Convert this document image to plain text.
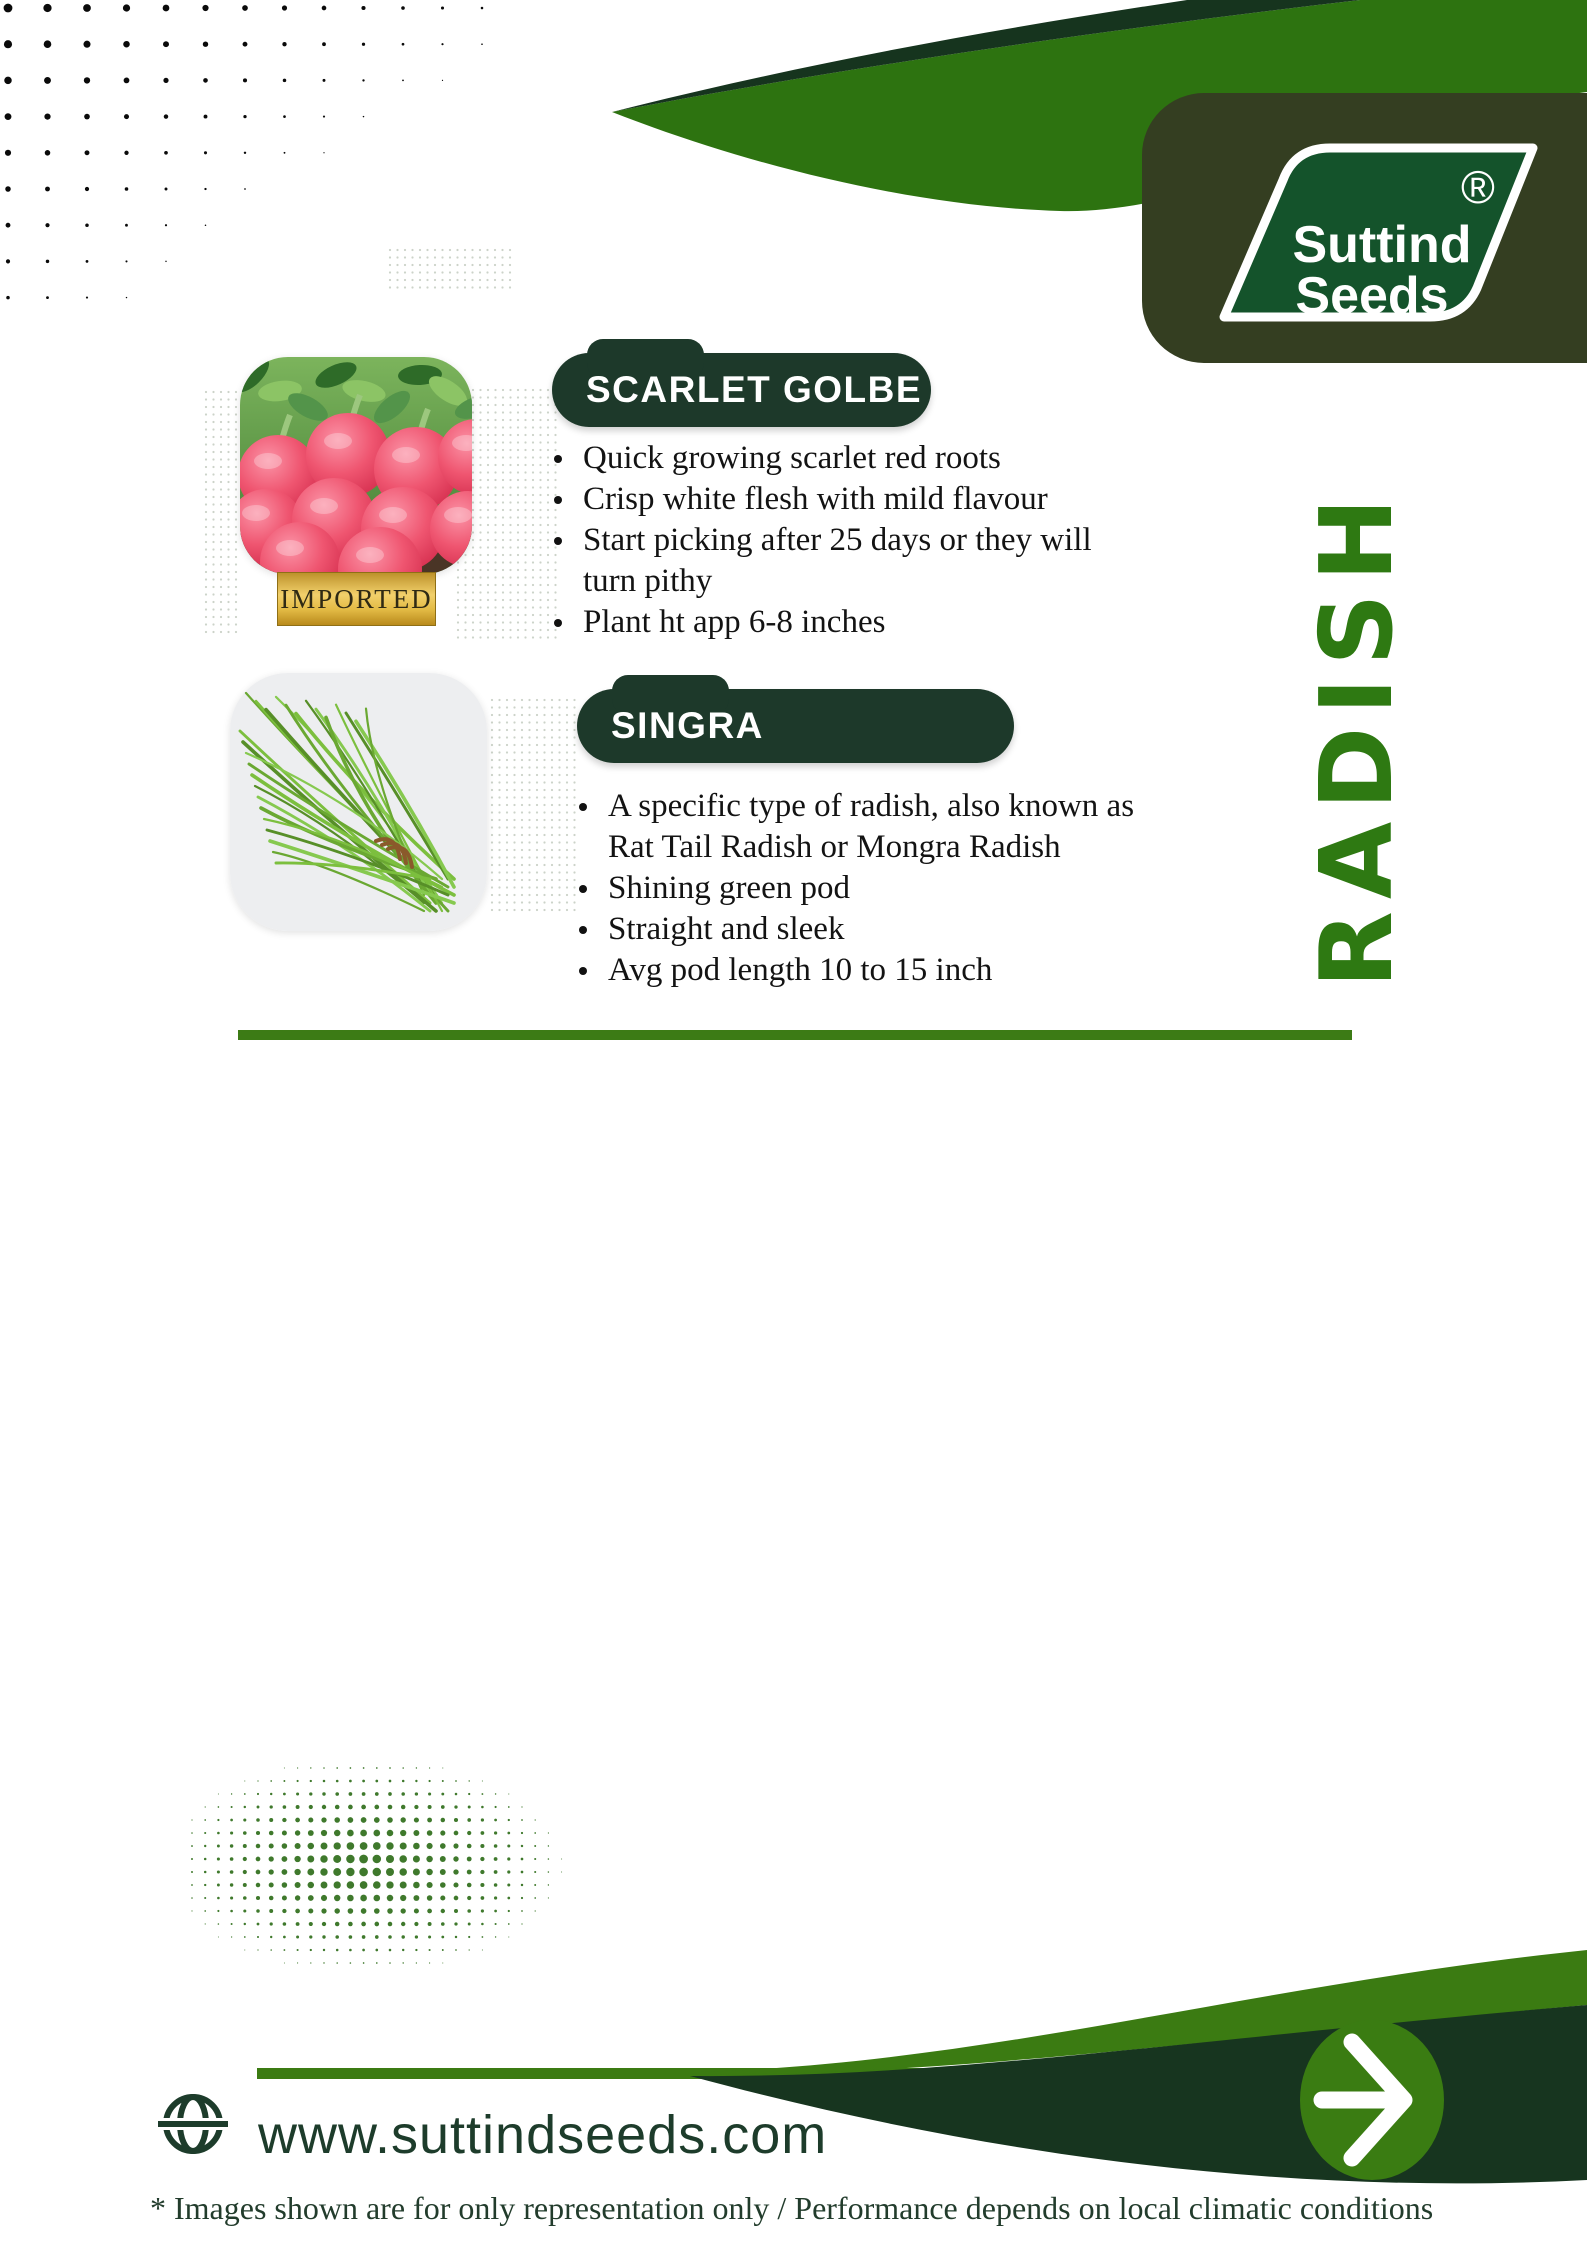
Suttind
Seeds
®
IMPORTED
SCARLET GOLBE
Quick growing scarlet red roots
Crisp white flesh with mild flavour
Start picking after 25 days or they will turn pithy
Plant ht app 6-8 inches
SINGRA
A specific type of radish, also known as Rat Tail Radish or Mongra Radish
Shining green pod
Straight and sleek
Avg pod length 10 to 15 inch	RADISH
www.suttindseeds.com
* Images shown are for only representation only / Performance depends on local climatic conditions
